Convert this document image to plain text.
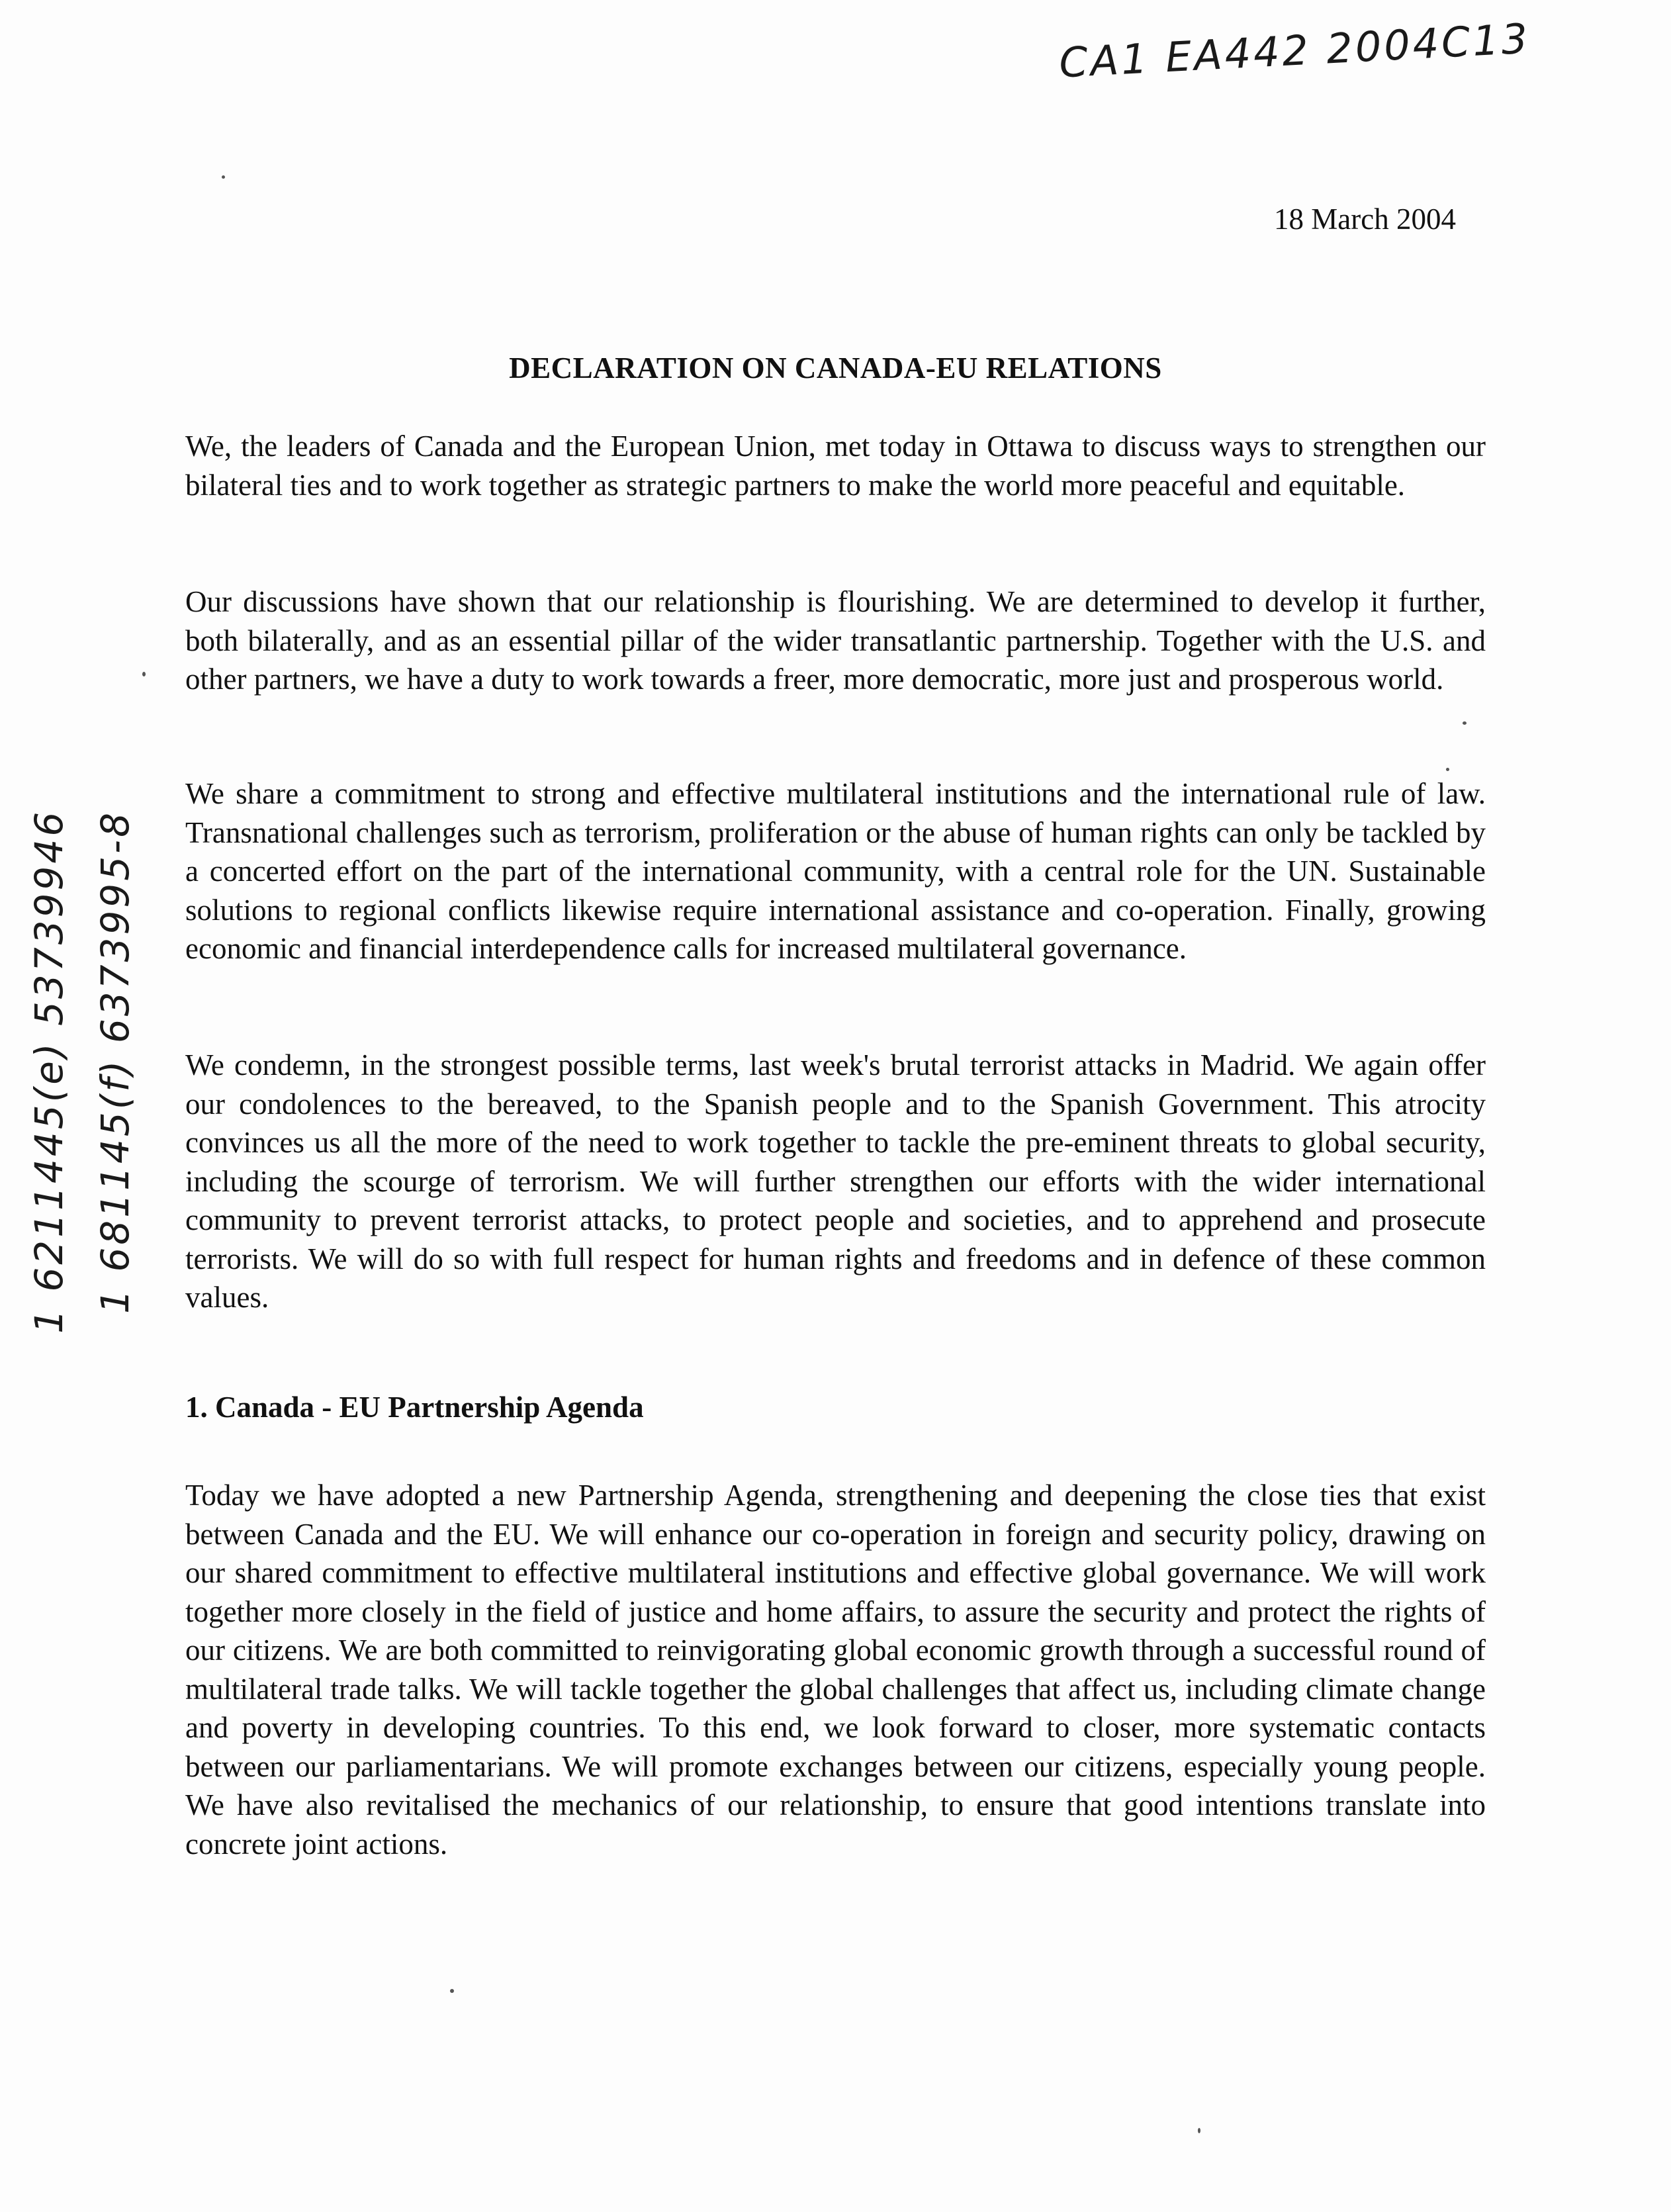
CA1 EA442 2004C13
1 6211445(e) 53739946 1 681145(f) 6373995-8
18 March 2004
DECLARATION ON CANADA-EU RELATIONS

We, the leaders of Canada and the European Union, met today in Ottawa to discuss ways to strengthen our bilateral ties and to work together as strategic partners to make the world more peaceful and equitable.

Our discussions have shown that our relationship is flourishing. We are determined to develop it further, both bilaterally, and as an essential pillar of the wider transatlantic partnership. Together with the U.S. and other partners, we have a duty to work towards a freer, more democratic, more just and prosperous world.

We share a commitment to strong and effective multilateral institutions and the international rule of law. Transnational challenges such as terrorism, proliferation or the abuse of human rights can only be tackled by a concerted effort on the part of the international community, with a central role for the UN. Sustainable solutions to regional conflicts likewise require international assistance and co-operation. Finally, growing economic and financial interdependence calls for increased multilateral governance.

We condemn, in the strongest possible terms, last week's brutal terrorist attacks in Madrid. We again offer our condolences to the bereaved, to the Spanish people and to the Spanish Government. This atrocity convinces us all the more of the need to work together to tackle the pre-eminent threats to global security, including the scourge of terrorism. We will further strengthen our efforts with the wider international community to prevent terrorist attacks, to protect people and societies, and to apprehend and prosecute terrorists. We will do so with full respect for human rights and freedoms and in defence of these common values.

1. Canada - EU Partnership Agenda

Today we have adopted a new Partnership Agenda, strengthening and deepening the close ties that exist between Canada and the EU. We will enhance our co-operation in foreign and security policy, drawing on our shared commitment to effective multilateral institutions and effective global governance. We will work together more closely in the field of justice and home affairs, to assure the security and protect the rights of our citizens. We are both committed to reinvigorating global economic growth through a successful round of multilateral trade talks. We will tackle together the global challenges that affect us, including climate change and poverty in developing countries. To this end, we look forward to closer, more systematic contacts between our parliamentarians. We will promote exchanges between our citizens, especially young people. We have also revitalised the mechanics of our relationship, to ensure that good intentions translate into concrete joint actions.
